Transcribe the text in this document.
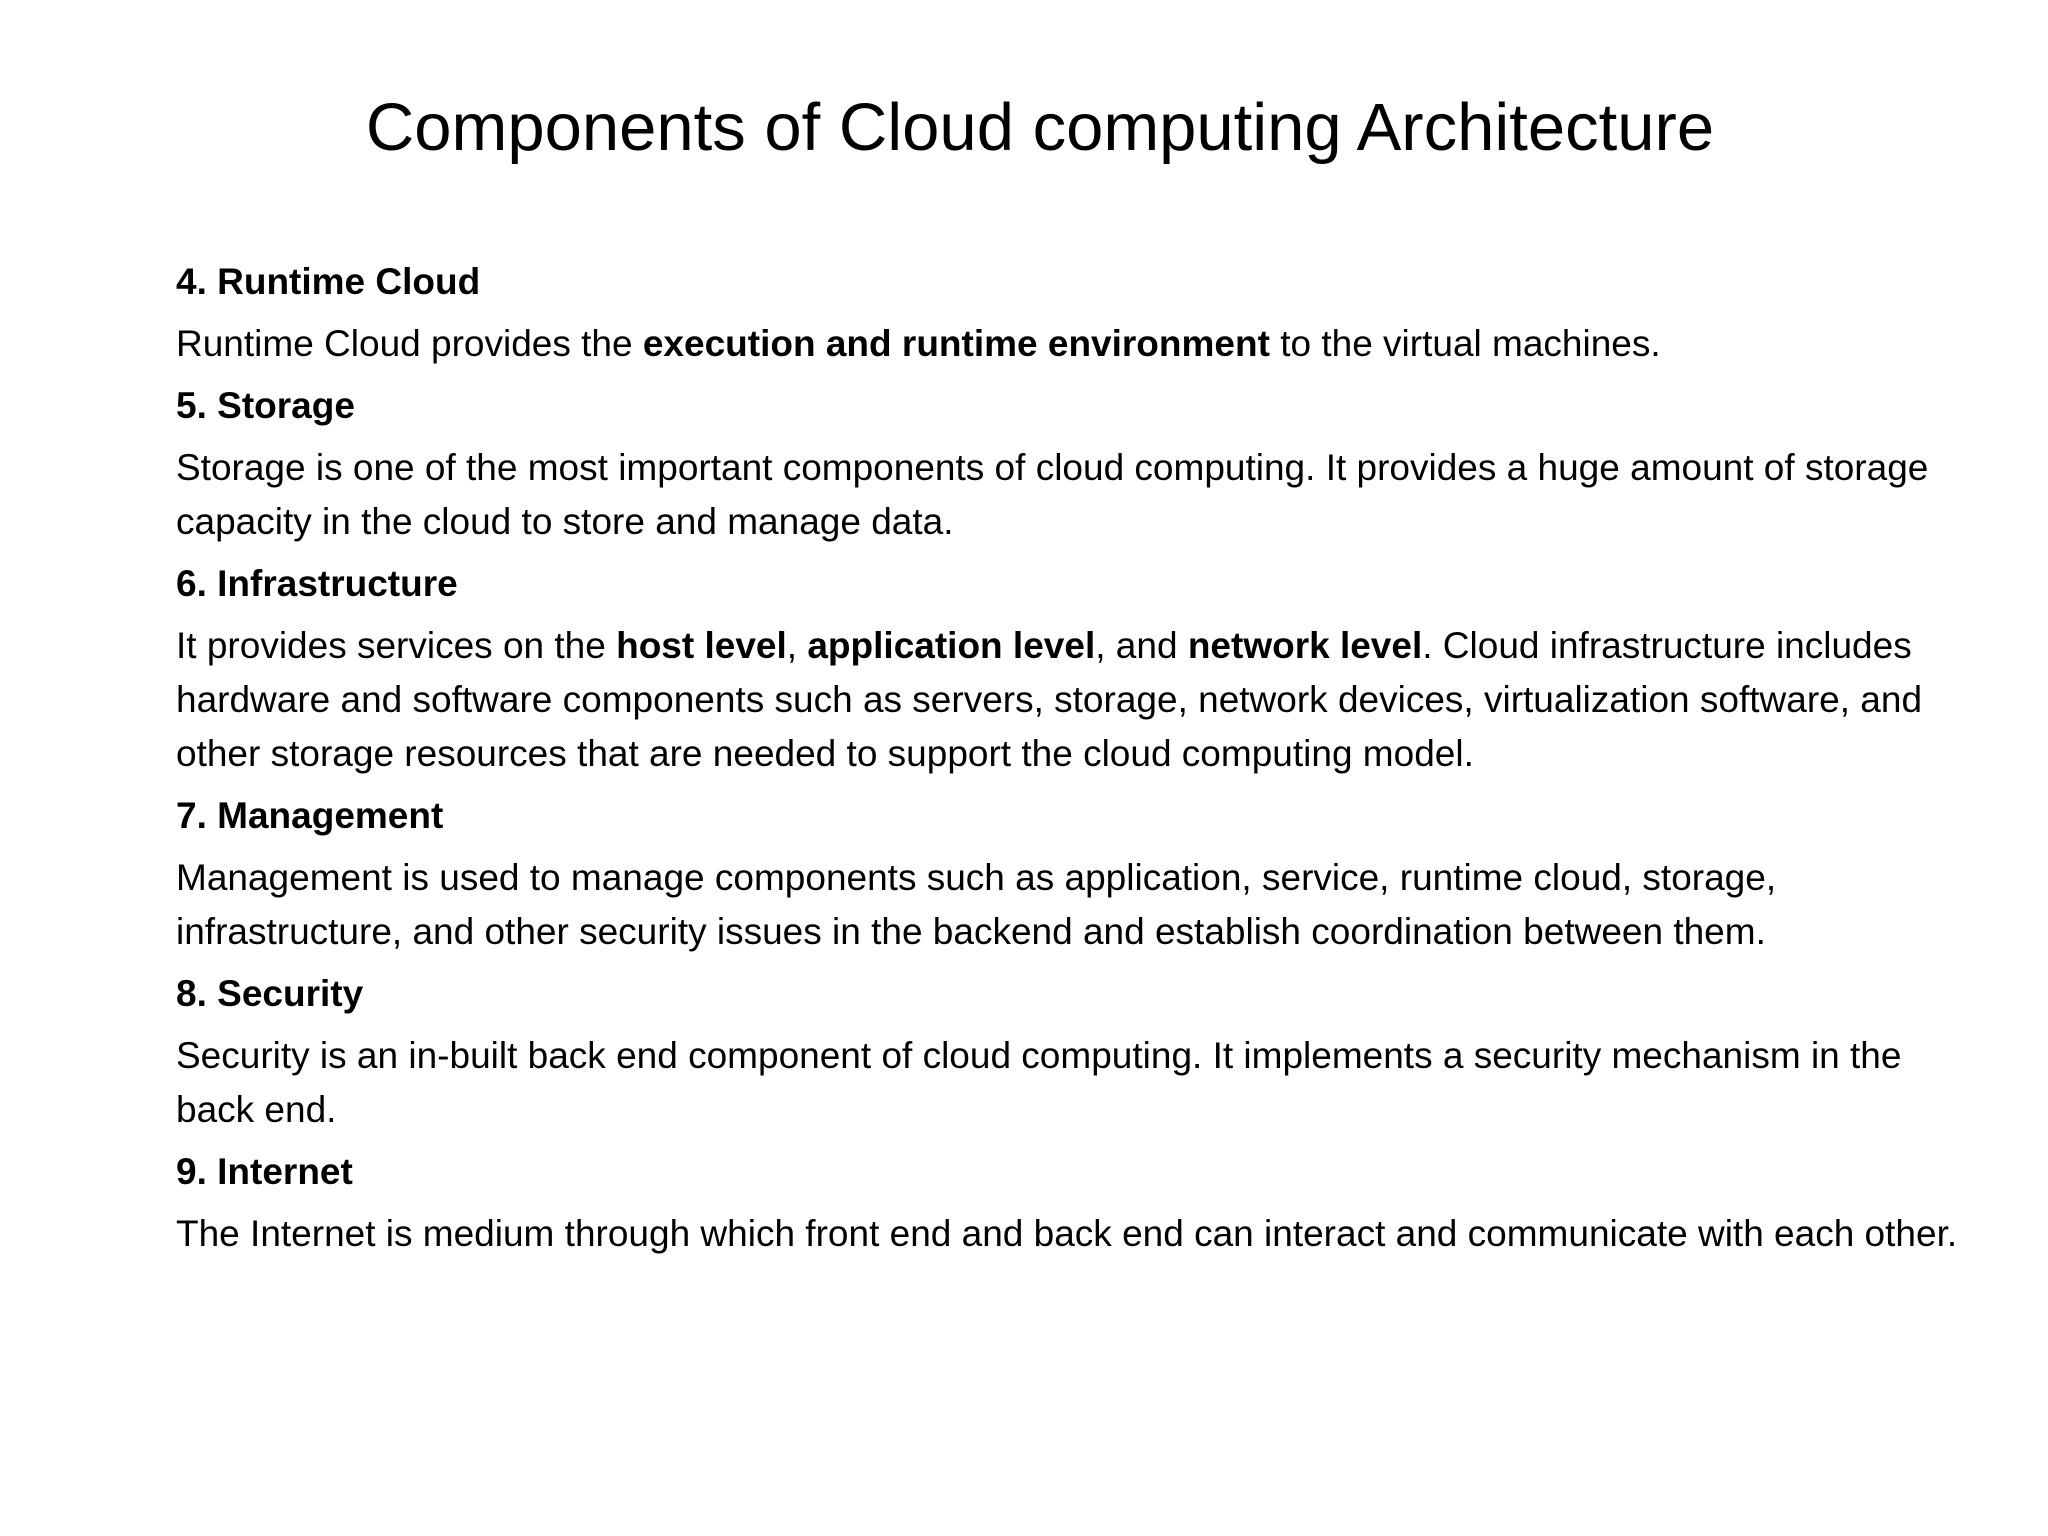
Components of Cloud computing Architecture
4. Runtime Cloud
Runtime Cloud provides the execution and runtime environment to the virtual machines.
5. Storage
Storage is one of the most important components of cloud computing. It provides a huge amount of storage capacity in the cloud to store and manage data.
6. Infrastructure
It provides services on the host level, application level, and network level. Cloud infrastructure includes hardware and software components such as servers, storage, network devices, virtualization software, and other storage resources that are needed to support the cloud computing model.
7. Management
Management is used to manage components such as application, service, runtime cloud, storage, infrastructure, and other security issues in the backend and establish coordination between them.
8. Security
Security is an in-built back end component of cloud computing. It implements a security mechanism in the back end.
9. Internet
The Internet is medium through which front end and back end can interact and communicate with each other.
